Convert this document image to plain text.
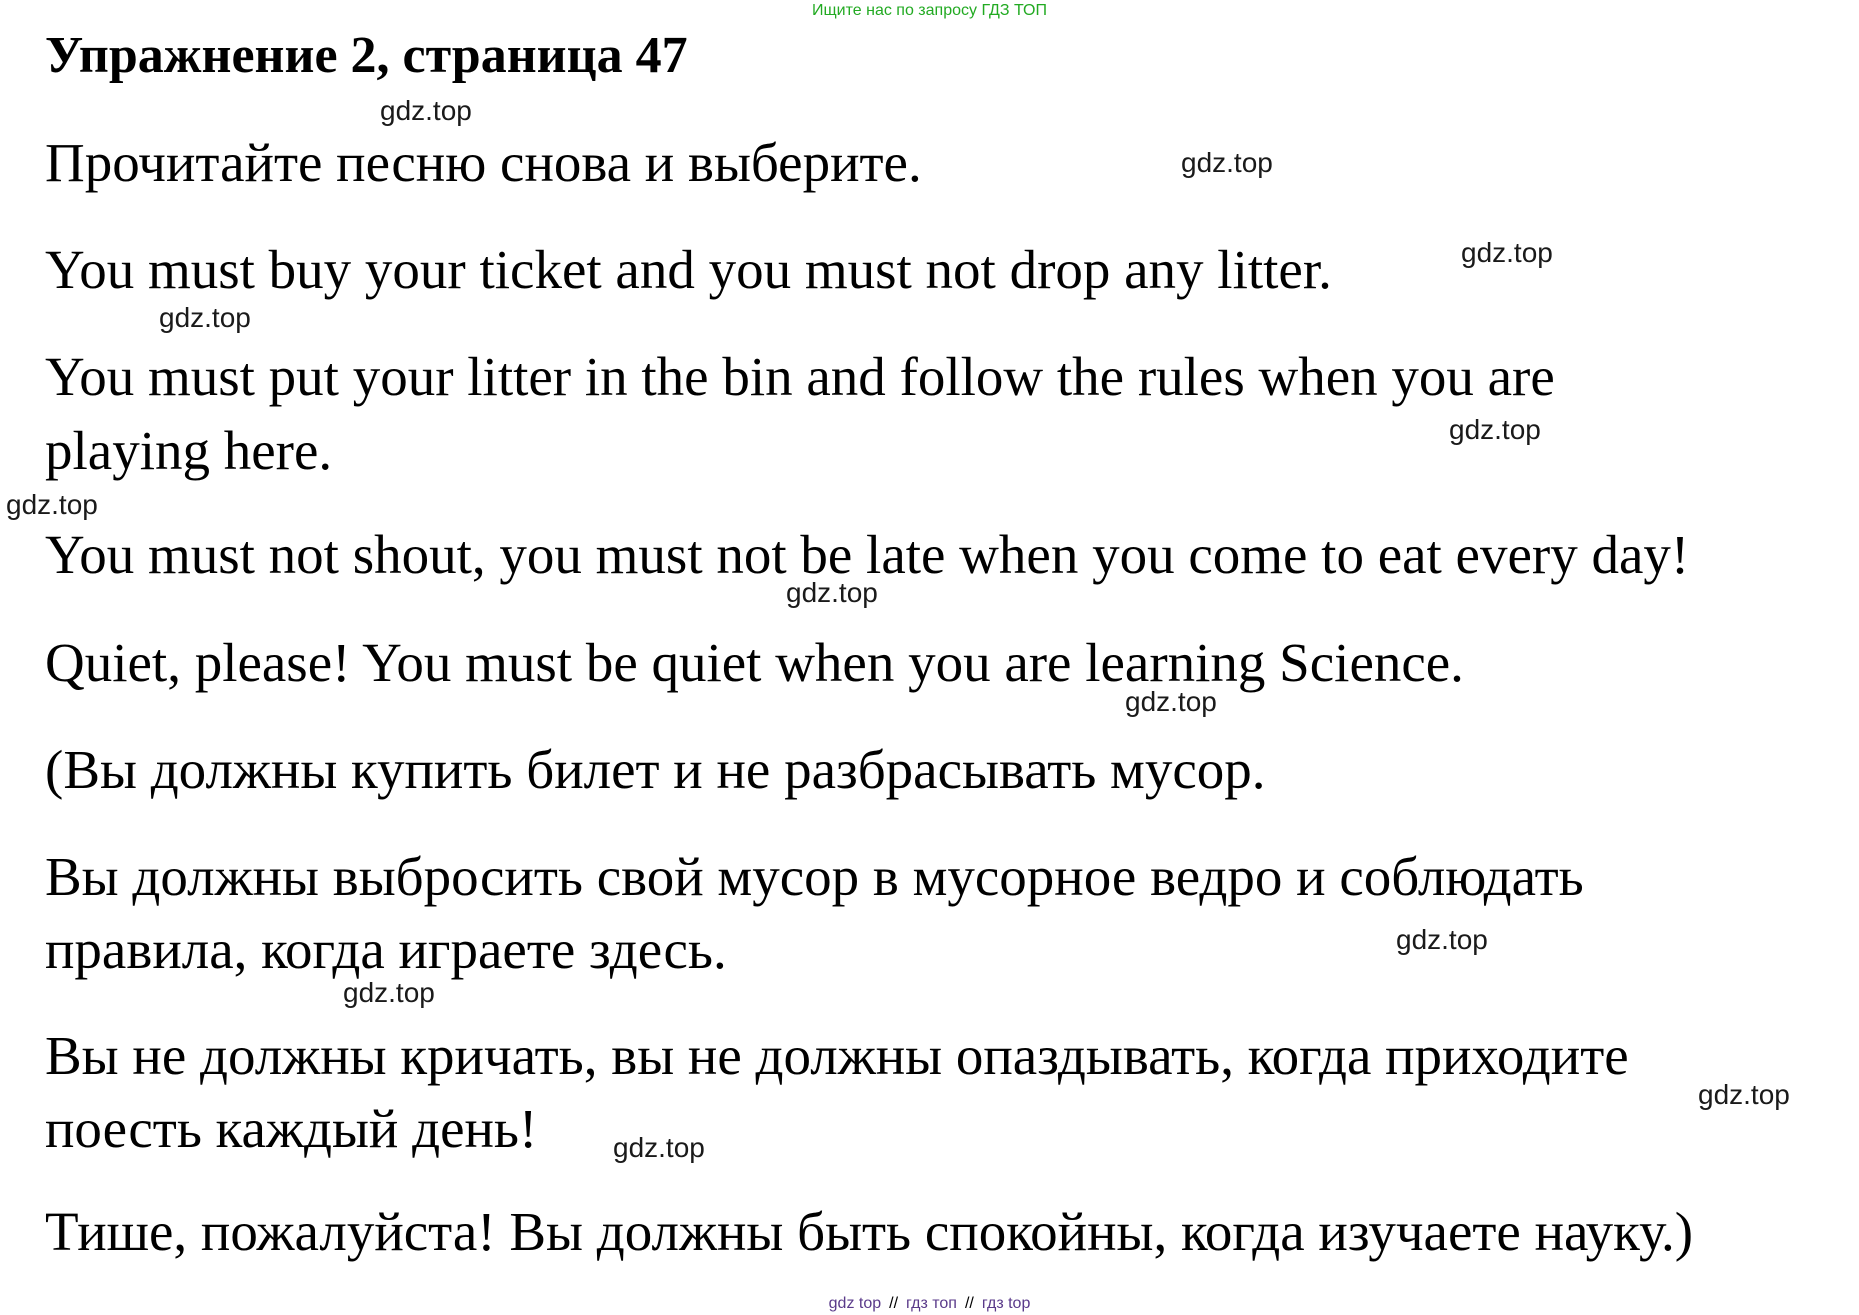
Ищите нас по запросу ГДЗ ТОП
Упражнение 2, страница 47

Прочитайте песню снова и выберите.

You must buy your ticket and you must not drop any litter.

You must put your litter in the bin and follow the rules when you are

playing here.

You must not shout, you must not be late when you come to eat every day!

Quiet, please! You must be quiet when you are learning Science.

(Вы должны купить билет и не разбрасывать мусор.

Вы должны выбросить свой мусор в мусорное ведро и соблюдать

правила, когда играете здесь.

Вы не должны кричать, вы не должны опаздывать, когда приходите

поесть каждый день!

Тише, пожалуйста! Вы должны быть спокойны, когда изучаете науку.)

gdz.top
gdz.top
gdz.top
gdz.top
gdz.top
gdz.top
gdz.top
gdz.top
gdz.top
gdz.top
gdz.top
gdz.top
gdz top // гдз топ // гдз top
